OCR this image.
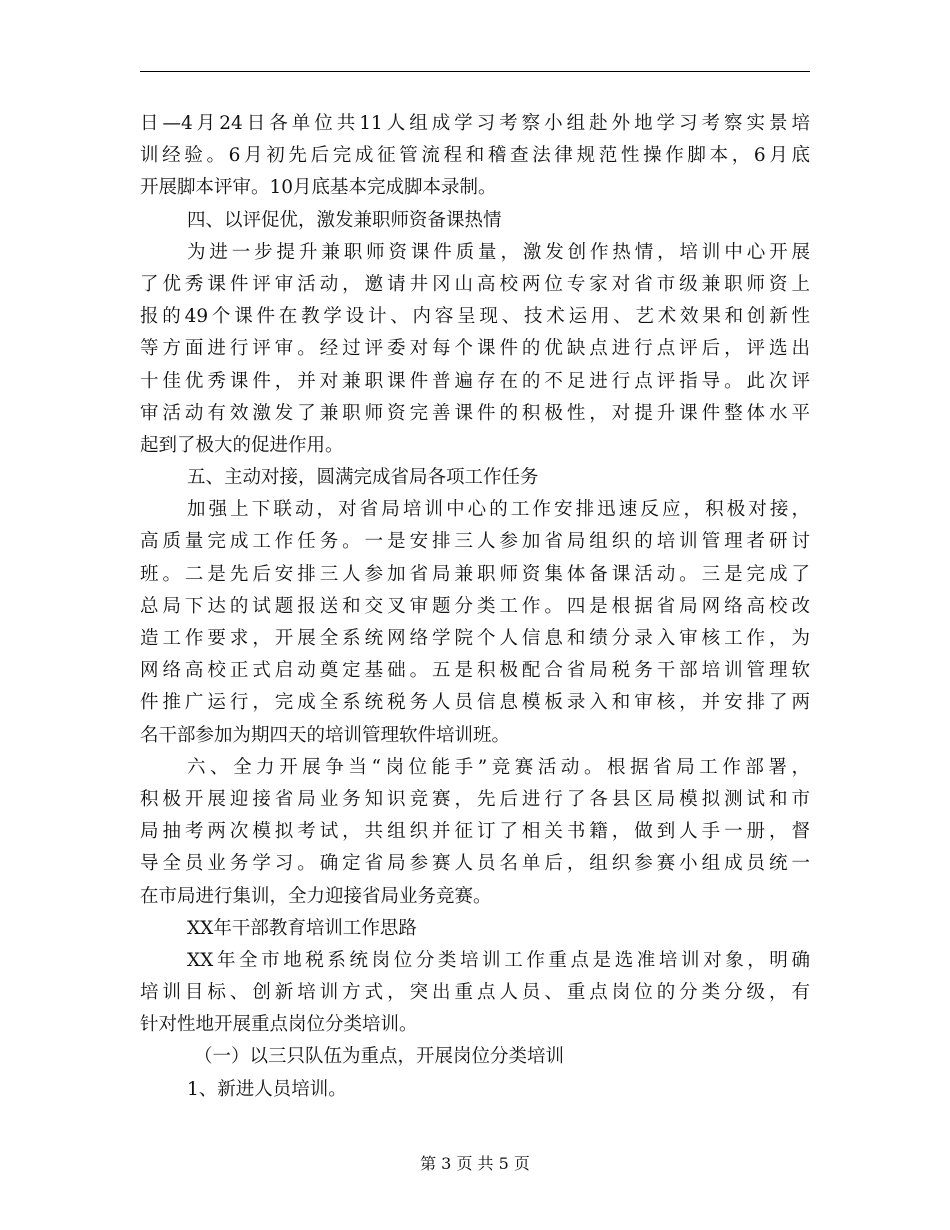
日—4月24日各单位共11人组成学习考察小组赴外地学习考察实景培
训经验。6月初先后完成征管流程和稽查法律规范性操作脚本，6月底
开展脚本评审。10月底基本完成脚本录制。
四、以评促优，激发兼职师资备课热情
为进一步提升兼职师资课件质量，激发创作热情，培训中心开展
了优秀课件评审活动，邀请井冈山高校两位专家对省市级兼职师资上
报的49个课件在教学设计、内容呈现、技术运用、艺术效果和创新性
等方面进行评审。经过评委对每个课件的优缺点进行点评后，评选出
十佳优秀课件，并对兼职课件普遍存在的不足进行点评指导。此次评
审活动有效激发了兼职师资完善课件的积极性，对提升课件整体水平
起到了极大的促进作用。
五、主动对接，圆满完成省局各项工作任务
加强上下联动，对省局培训中心的工作安排迅速反应，积极对接，
高质量完成工作任务。一是安排三人参加省局组织的培训管理者研讨
班。二是先后安排三人参加省局兼职师资集体备课活动。三是完成了
总局下达的试题报送和交叉审题分类工作。四是根据省局网络高校改
造工作要求，开展全系统网络学院个人信息和绩分录入审核工作，为
网络高校正式启动奠定基础。五是积极配合省局税务干部培训管理软
件推广运行，完成全系统税务人员信息模板录入和审核，并安排了两
名干部参加为期四天的培训管理软件培训班。
六、全力开展争当“岗位能手”竞赛活动。根据省局工作部署，
积极开展迎接省局业务知识竞赛，先后进行了各县区局模拟测试和市
局抽考两次模拟考试，共组织并征订了相关书籍，做到人手一册，督
导全员业务学习。确定省局参赛人员名单后，组织参赛小组成员统一
在市局进行集训，全力迎接省局业务竞赛。
XX年干部教育培训工作思路
XX年全市地税系统岗位分类培训工作重点是选准培训对象，明确
培训目标、创新培训方式，突出重点人员、重点岗位的分类分级，有
针对性地开展重点岗位分类培训。
（一）以三只队伍为重点，开展岗位分类培训
1、新进人员培训。
第 3 页 共 5 页
